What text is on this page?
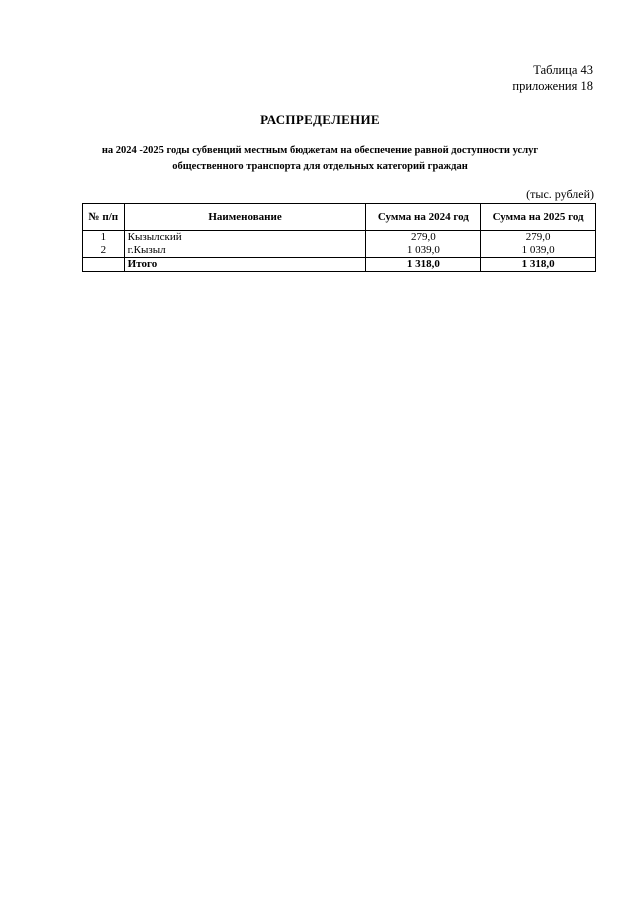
Таблица 43
приложения 18
РАСПРЕДЕЛЕНИЕ
на 2024 -2025 годы субвенций местным бюджетам на обеспечение равной доступности услуг
общественного транспорта для отдельных категорий граждан
(тыс. рублей)
№ п/п	Наименование	Сумма на 2024 год	Сумма на 2025 год
1	Кызылский	279,0	279,0
2	г.Кызыл	1 039,0	1 039,0
	Итого	1 318,0	1 318,0
